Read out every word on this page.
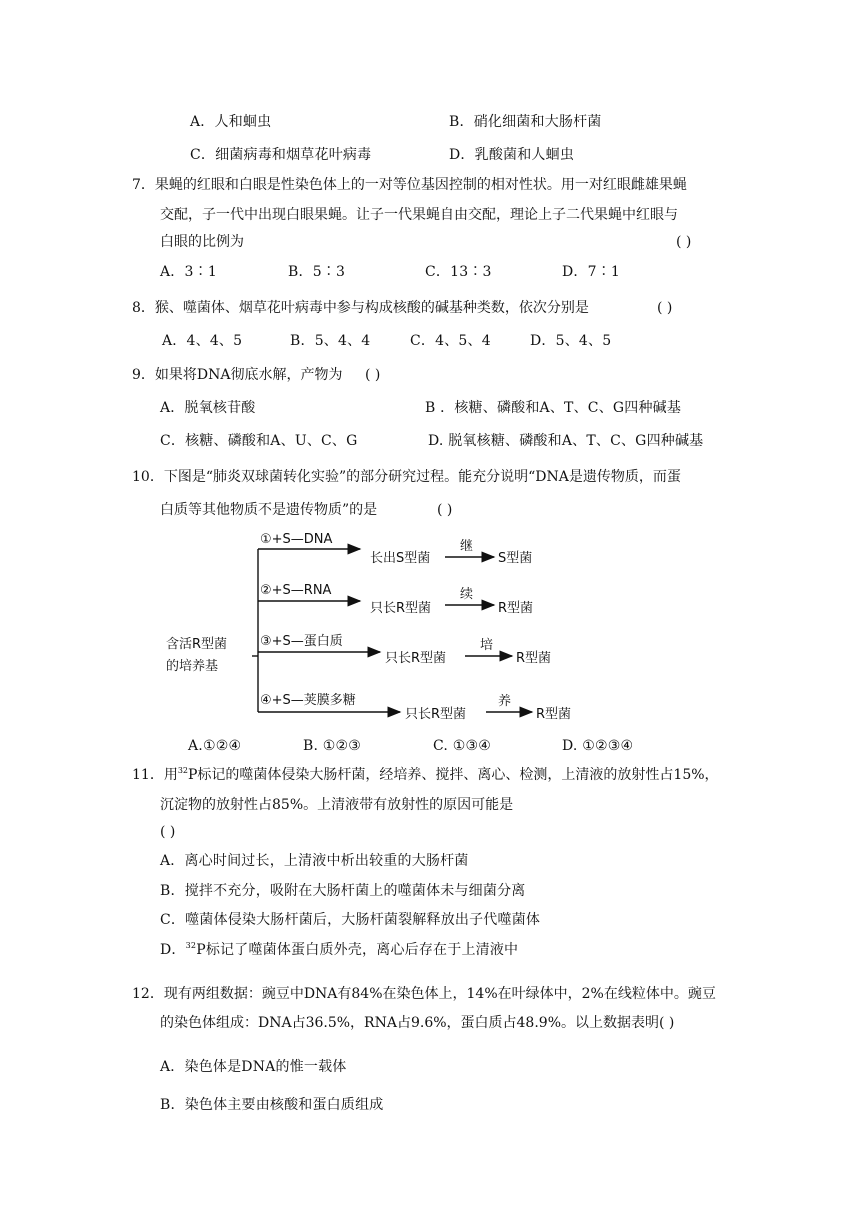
A．人和蛔虫	B．硝化细菌和大肠杆菌
C．细菌病毒和烟草花叶病毒	D．乳酸菌和人蛔虫
7．果蝇的红眼和白眼是性染色体上的一对等位基因控制的相对性状。用一对红眼雌雄果蝇
交配，子一代中出现白眼果蝇。让子一代果蝇自由交配，理论上子二代果蝇中红眼与
白眼的比例为	( )
A．3∶1	B．5∶3	C．13∶3	D．7∶1
8．猴、噬菌体、烟草花叶病毒中参与构成核酸的碱基种类数，依次分别是	( )
A．4、4、5	B．5、4、4	C．4、5、4	D．5、4、5
9．如果将DNA彻底水解，产物为 ( )
A．脱氧核苷酸	B ．核糖、磷酸和A、T、C、G四种碱基
C．核糖、磷酸和A、U、C、G	D. 脱氧核糖、磷酸和A、T、C、G四种碱基
10．下图是“肺炎双球菌转化实验”的部分研究过程。能充分说明“DNA是遗传物质，而蛋
白质等其他物质不是遗传物质”的是	( )
含活R型菌
的培养基
①+S—DNA
长出S型菌
继
S型菌
②+S—RNA
只长R型菌
续
R型菌
③+S—蛋白质
只长R型菌
培
R型菌
④+S—荚膜多糖
只长R型菌
养
R型菌
A.①②④	B. ①②③	C. ①③④	D. ①②③④
11．用$^{32}$P标记的噬菌体侵染大肠杆菌，经培养、搅拌、离心、检测，上清液的放射性占15%，
沉淀物的放射性占85%。上清液带有放射性的原因可能是
( )
A．离心时间过长，上清液中析出较重的大肠杆菌
B．搅拌不充分，吸附在大肠杆菌上的噬菌体未与细菌分离
C．噬菌体侵染大肠杆菌后，大肠杆菌裂解释放出子代噬菌体
D．$^{32}$P标记了噬菌体蛋白质外壳，离心后存在于上清液中
12．现有两组数据：豌豆中DNA有84%在染色体上，14%在叶绿体中，2%在线粒体中。豌豆
的染色体组成：DNA占36.5%，RNA占9.6%，蛋白质占48.9%。以上数据表明( )
A．染色体是DNA的惟一载体
B．染色体主要由核酸和蛋白质组成
